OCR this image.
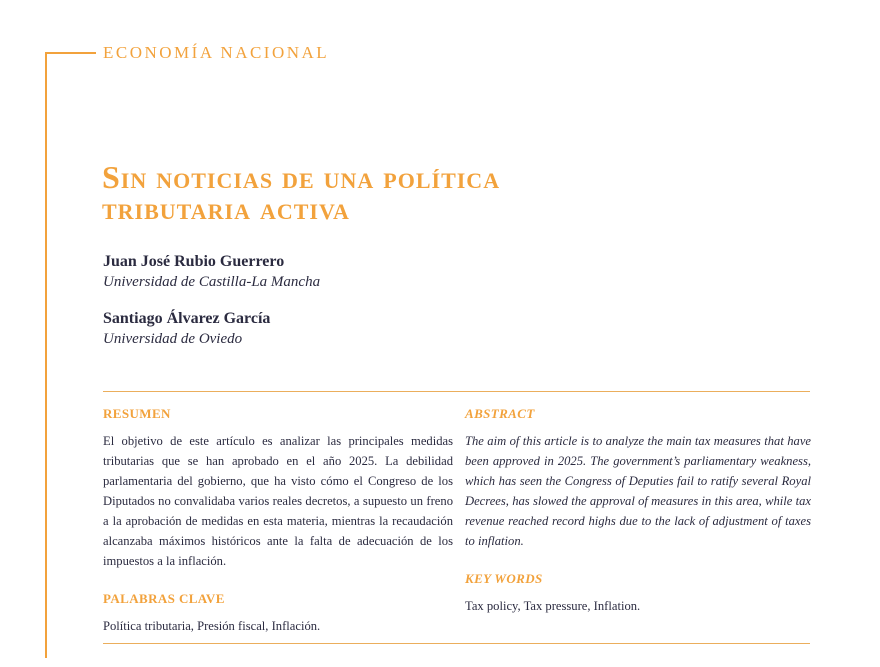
ECONOMÍA NACIONAL
Sin noticias de una política
tributaria activa
Juan José Rubio Guerrero
Universidad de Castilla-La Mancha
Santiago Álvarez García
Universidad de Oviedo
RESUMEN

El objetivo de este artículo es analizar las principales medidas tributarias que se han aprobado en el año 2025. La debilidad parlamentaria del gobierno, que ha visto cómo el Congreso de los Diputados no convalidaba varios reales decretos, a supuesto un freno a la aprobación de medidas en esta materia, mientras la recaudación alcanzaba máximos históricos ante la falta de adecuación de los impuestos a la inflación.

PALABRAS CLAVE

Política tributaria, Presión fiscal, Inflación.

ABSTRACT

The aim of this article is to analyze the main tax measures that have been approved in 2025. The government’s parliamentary weakness, which has seen the Congress of Deputies fail to ratify several Royal Decrees, has slowed the approval of measures in this area, while tax revenue reached record highs due to the lack of adjustment of taxes to inflation.

KEY WORDS

Tax policy, Tax pressure, Inflation.
